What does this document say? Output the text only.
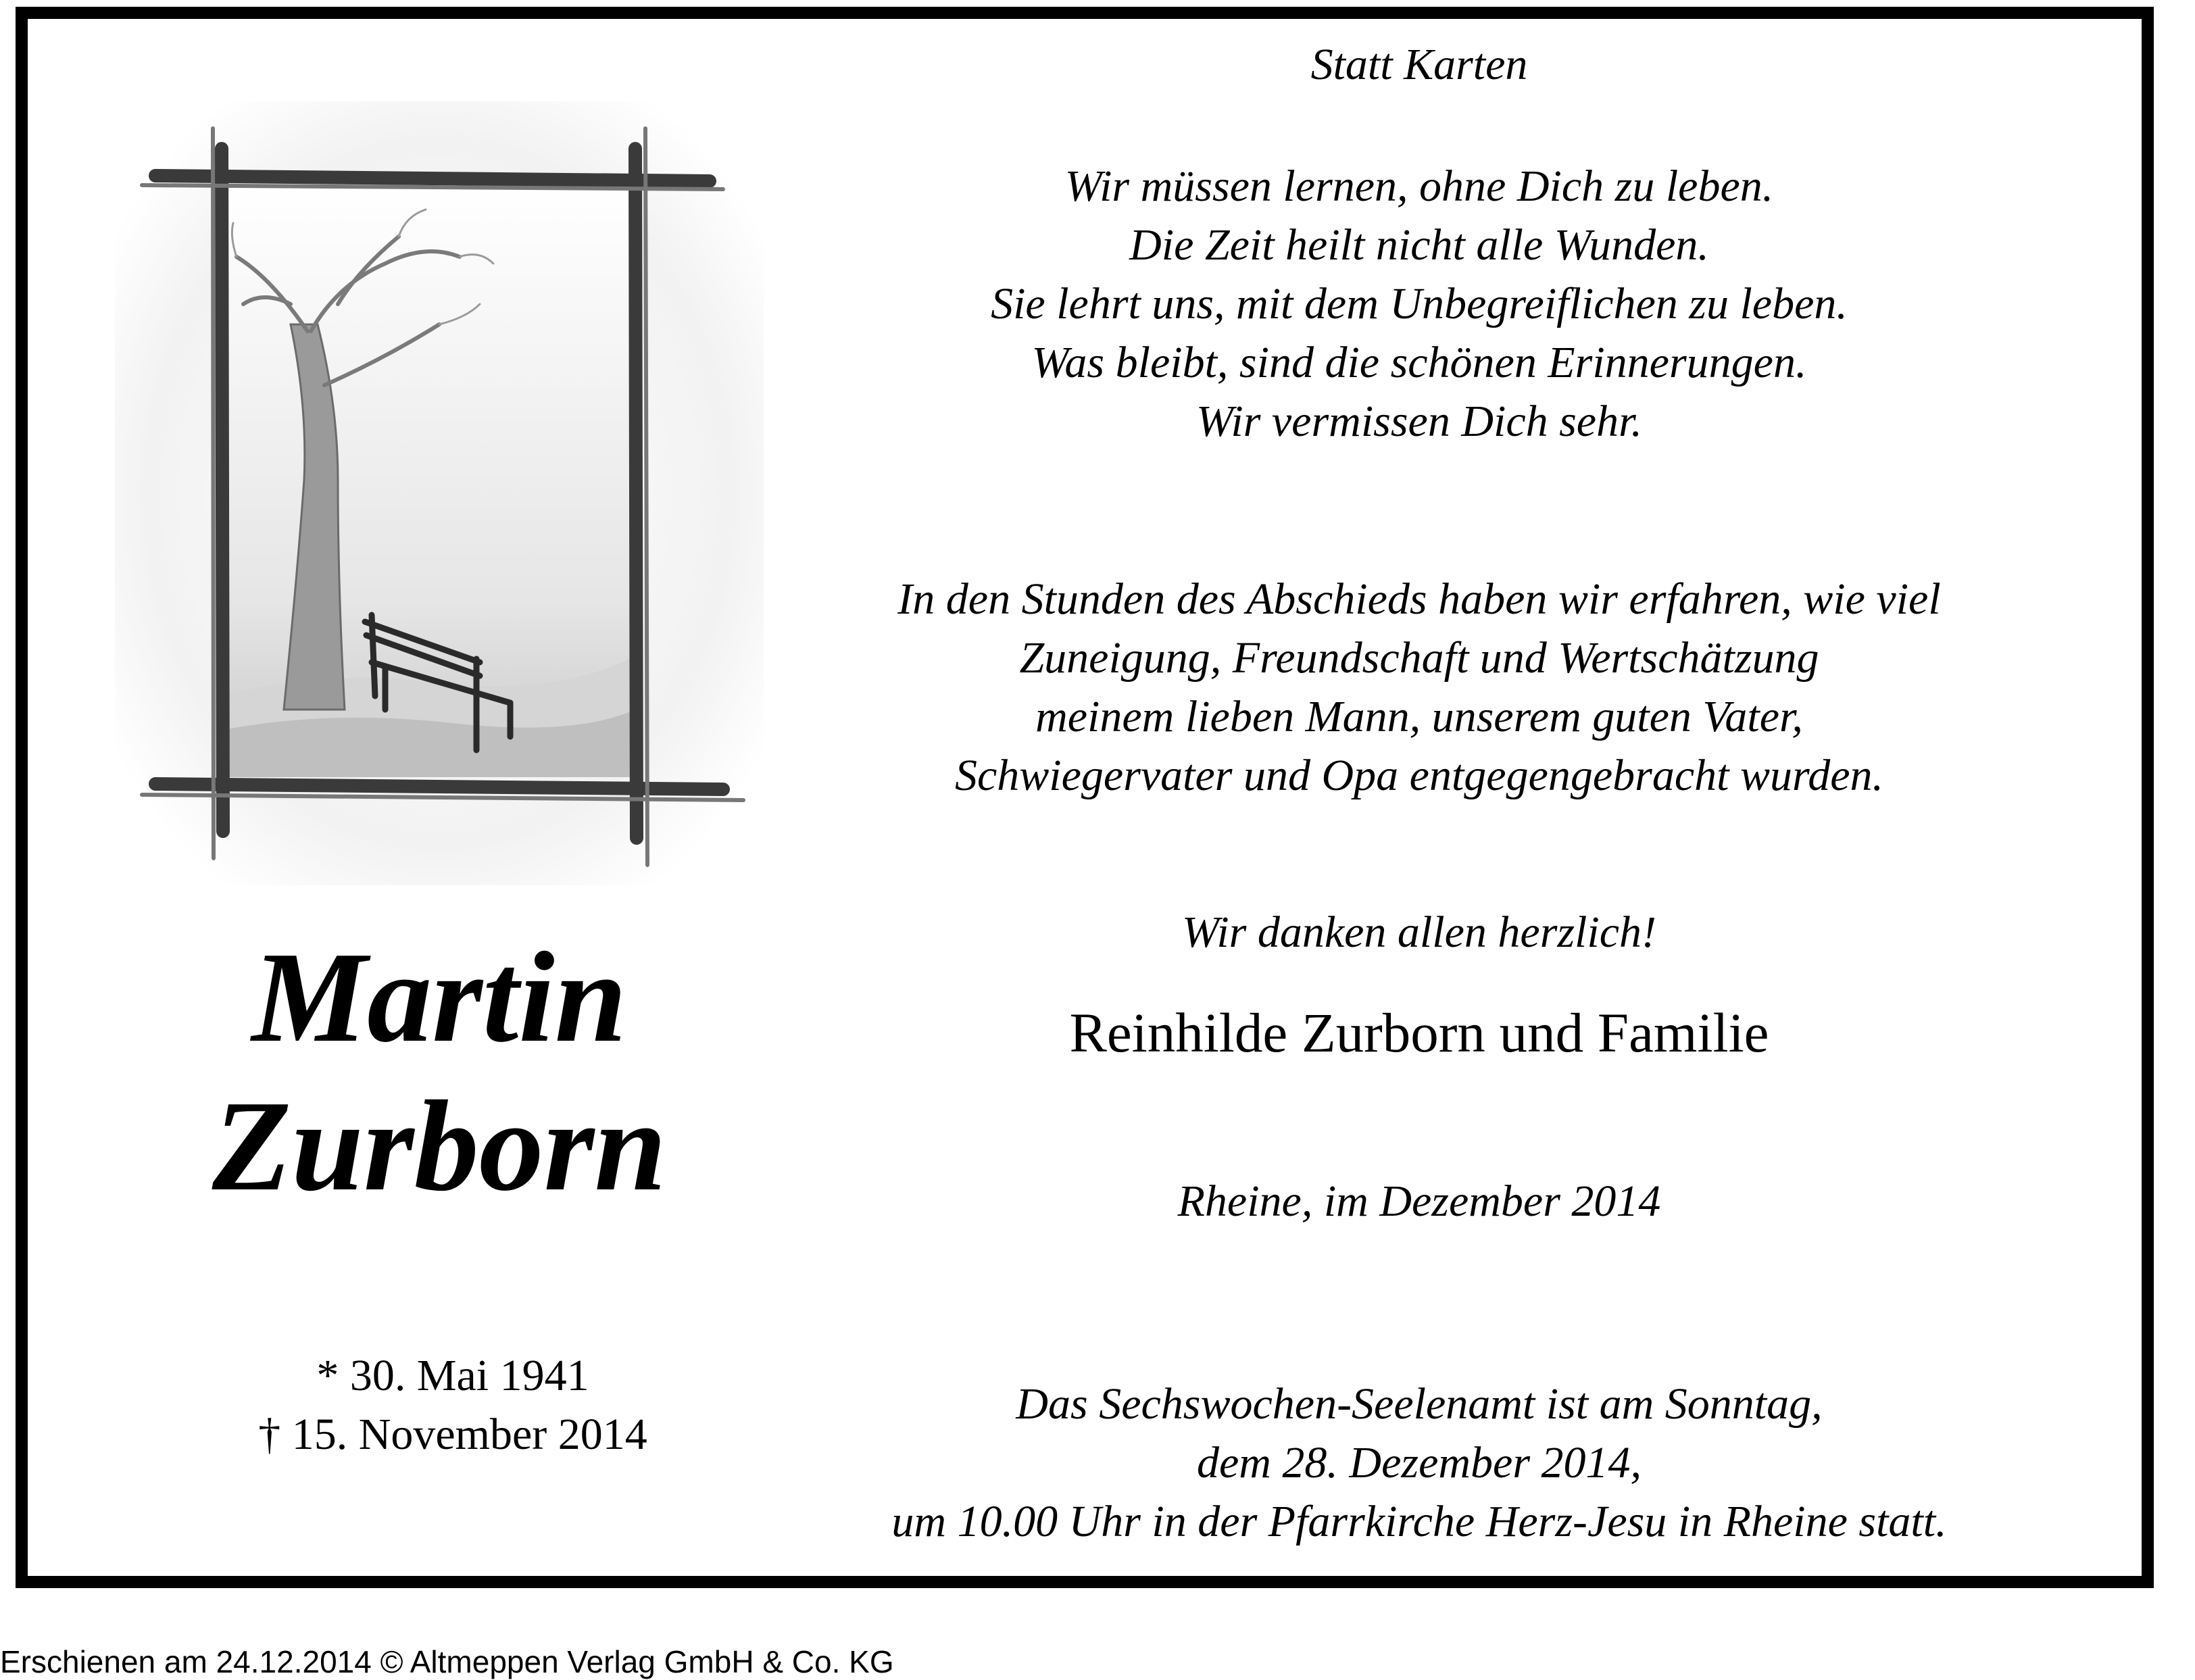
Statt Karten
Wir müssen lernen, ohne Dich zu leben.
Die Zeit heilt nicht alle Wunden.
Sie lehrt uns, mit dem Unbegreiflichen zu leben.
Was bleibt, sind die schönen Erinnerungen.
Wir vermissen Dich sehr.
In den Stunden des Abschieds haben wir erfahren, wie viel
Zuneigung, Freundschaft und Wertschätzung
meinem lieben Mann, unserem guten Vater,
Schwiegervater und Opa entgegengebracht wurden.
Wir danken allen herzlich!
Reinhilde Zurborn und Familie
Rheine, im Dezember 2014
Das Sechswochen-Seelenamt ist am Sonntag,
dem 28. Dezember 2014,
um 10.00 Uhr in der Pfarrkirche Herz-Jesu in Rheine statt.
Martin
Zurborn
* 30. Mai 1941
† 15. November 2014
Erschienen am 24.12.2014 © Altmeppen Verlag GmbH & Co. KG
